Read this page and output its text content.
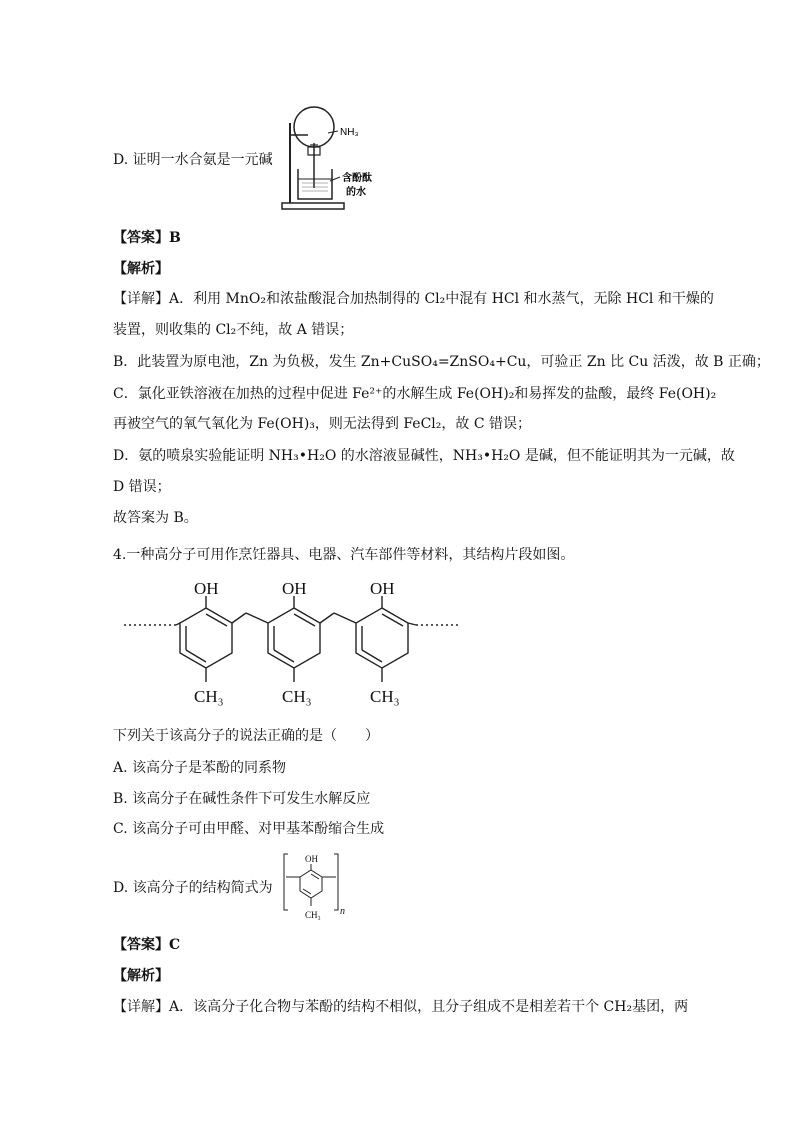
D. 证明一水合氨是一元碱
NH₃
含酚酞
的水
【答案】B
【解析】
【详解】A．利用 MnO₂和浓盐酸混合加热制得的 Cl₂中混有 HCl 和水蒸气，无除 HCl 和干燥的
装置，则收集的 Cl₂不纯，故 A 错误；
B．此装置为原电池，Zn 为负极，发生 Zn+CuSO₄=ZnSO₄+Cu，可验正 Zn 比 Cu 活泼，故 B 正确；
C．氯化亚铁溶液在加热的过程中促进 Fe²⁺的水解生成 Fe(OH)₂和易挥发的盐酸，最终 Fe(OH)₂
再被空气的氧气氧化为 Fe(OH)₃，则无法得到 FeCl₂，故 C 错误；
D．氨的喷泉实验能证明 NH₃•H₂O 的水溶液显碱性，NH₃•H₂O 是碱，但不能证明其为一元碱，故
D 错误；
故答案为 B。
4.一种高分子可用作烹饪器具、电器、汽车部件等材料，其结构片段如图。
OH	OH	OH
CH₃	CH₃	CH₃
下列关于该高分子的说法正确的是（　　）
A. 该高分子是苯酚的同系物
B. 该高分子在碱性条件下可发生水解反应
C. 该高分子可由甲醛、对甲基苯酚缩合生成
D. 该高分子的结构简式为
OH
CH₃ n
【答案】C
【解析】
【详解】A．该高分子化合物与苯酚的结构不相似，且分子组成不是相差若干个 CH₂基团，两
